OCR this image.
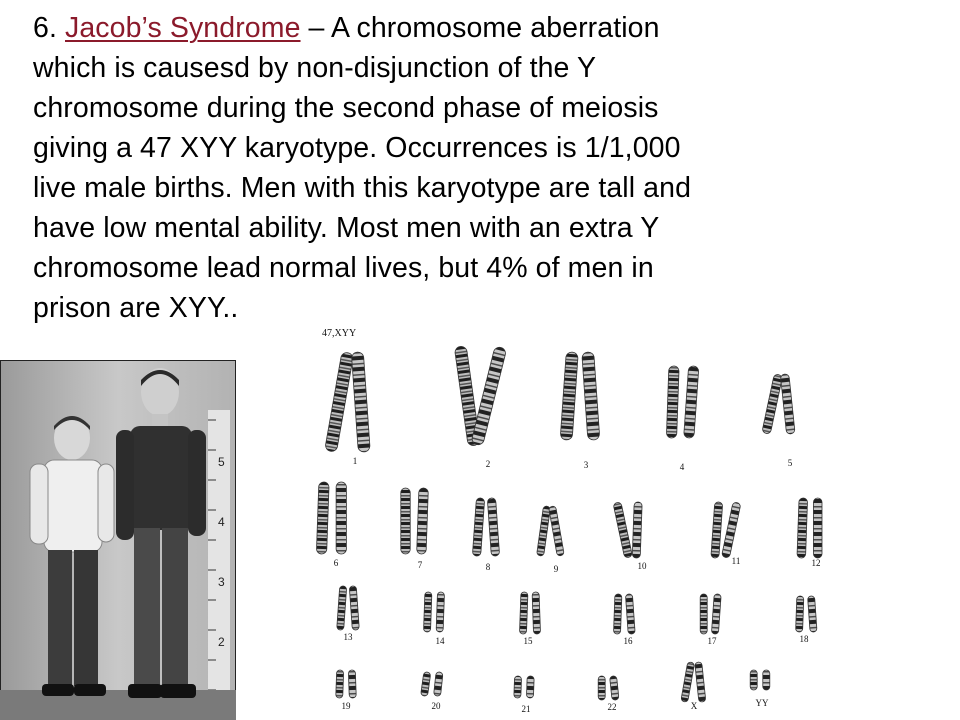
6. Jacob’s Syndrome – A chromosome aberration
which is causesd by non-disjunction of the Y
chromosome during the second phase of meiosis
giving a 47 XYY karyotype. Occurrences is 1/1,000
live male births. Men with this karyotype are tall and
have low mental ability. Most men with an extra Y
chromosome lead normal lives, but 4% of men in
prison are XYY..
5
4
3
2
47,XYY
1	2	3	4	5
6	7	8	9	10	11	12
13	14	15	16	17	18
19	20	21	22	X	YY
